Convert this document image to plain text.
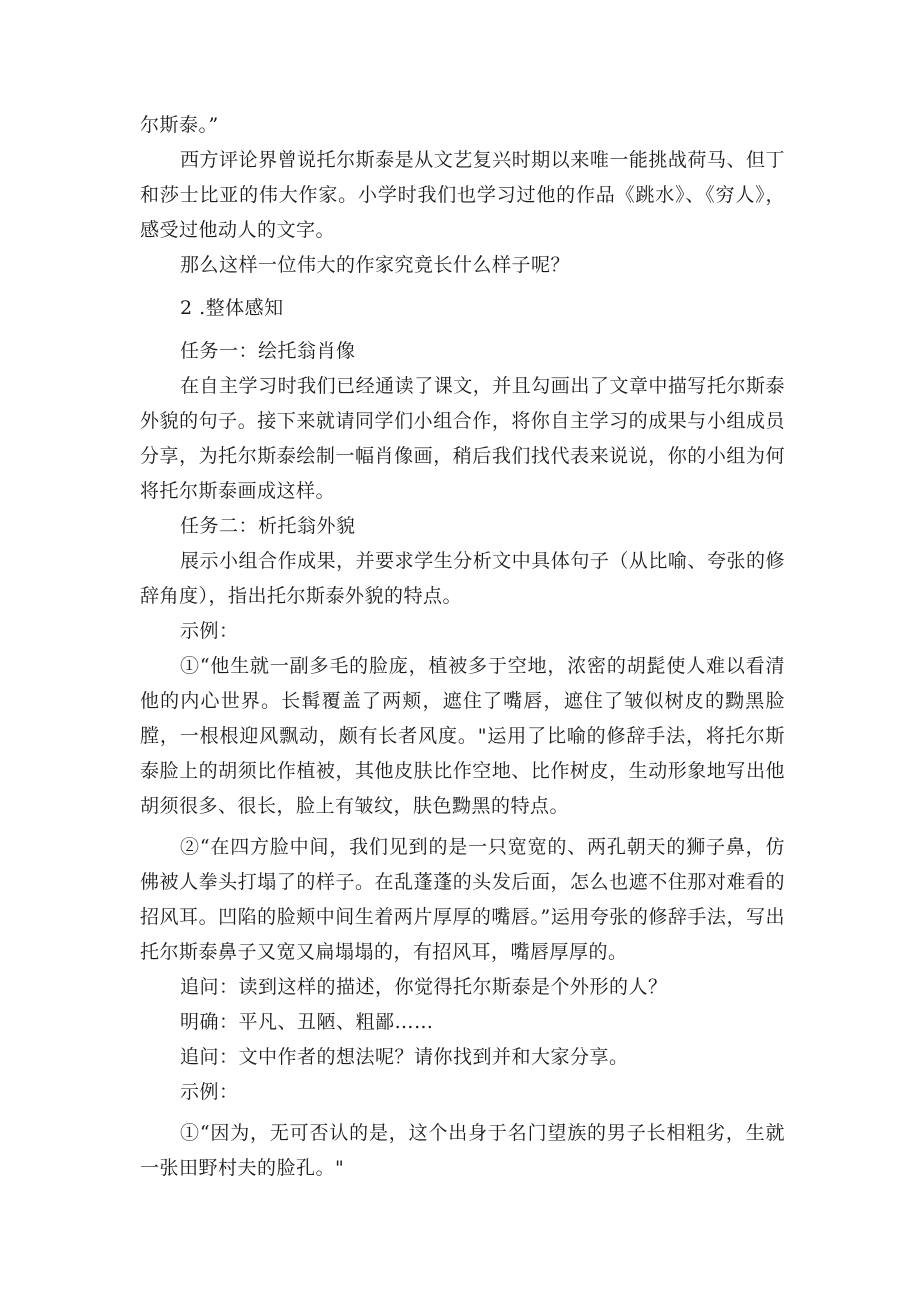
尔斯泰。”

西方评论界曾说托尔斯泰是从文艺复兴时期以来唯一能挑战荷马、但丁和莎士比亚的伟大作家。小学时我们也学习过他的作品《跳水》、《穷人》，感受过他动人的文字。

那么这样一位伟大的作家究竟长什么样子呢？

2 .整体感知

任务一：绘托翁肖像

在自主学习时我们已经通读了课文，并且勾画出了文章中描写托尔斯泰外貌的句子。接下来就请同学们小组合作，将你自主学习的成果与小组成员分享，为托尔斯泰绘制一幅肖像画，稍后我们找代表来说说，你的小组为何将托尔斯泰画成这样。

任务二：析托翁外貌

展示小组合作成果，并要求学生分析文中具体句子（从比喻、夸张的修辞角度），指出托尔斯泰外貌的特点。

示例：

①“他生就一副多毛的脸庞，植被多于空地，浓密的胡髭使人难以看清他的内心世界。长髯覆盖了两颊，遮住了嘴唇，遮住了皱似树皮的黝黑脸膛，一根根迎风飘动，颇有长者风度。"运用了比喻的修辞手法，将托尔斯泰脸上的胡须比作植被，其他皮肤比作空地、比作树皮，生动形象地写出他胡须很多、很长，脸上有皱纹，肤色黝黑的特点。

②“在四方脸中间，我们见到的是一只宽宽的、两孔朝天的狮子鼻，仿佛被人拳头打塌了的样子。在乱蓬蓬的头发后面，怎么也遮不住那对难看的招风耳。凹陷的脸颊中间生着两片厚厚的嘴唇。”运用夸张的修辞手法，写出托尔斯泰鼻子又宽又扁塌塌的，有招风耳，嘴唇厚厚的。

追问：读到这样的描述，你觉得托尔斯泰是个外形的人？

明确：平凡、丑陋、粗鄙……

追问：文中作者的想法呢？请你找到并和大家分享。

示例：

①“因为，无可否认的是，这个出身于名门望族的男子长相粗劣，生就一张田野村夫的脸孔。"
